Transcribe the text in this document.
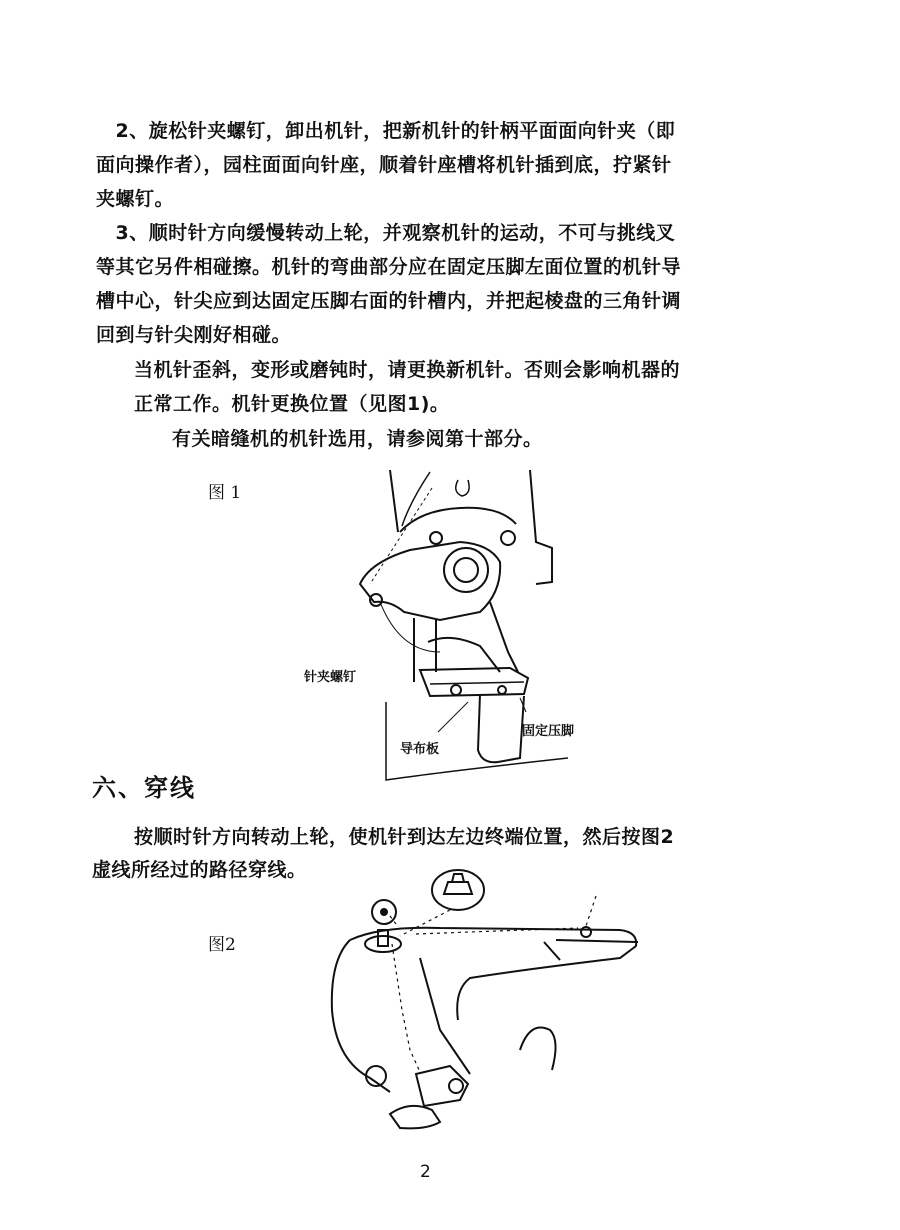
　2、旋松针夹螺钉，卸出机针，把新机针的针柄平面面向针夹（即

面向操作者），园柱面面向针座，顺着针座槽将机针插到底，拧紧针

夹螺钉。

　3、顺时针方向缓慢转动上轮，并观察机针的运动，不可与挑线叉

等其它另件相碰擦。机针的弯曲部分应在固定压脚左面位置的机针导

槽中心，针尖应到达固定压脚右面的针槽内，并把起棱盘的三角针调

回到与针尖刚好相碰。

当机针歪斜，变形或磨钝时，请更换新机针。否则会影响机器的

正常工作。机针更换位置（见图1)。

有关暗缝机的机针选用，请参阅第十部分。

图 1
针夹螺钉
导布板
固定压脚
六、穿线

按顺时针方向转动上轮，使机针到达左边终端位置，然后按图2

虚线所经过的路径穿线。

图2
2
